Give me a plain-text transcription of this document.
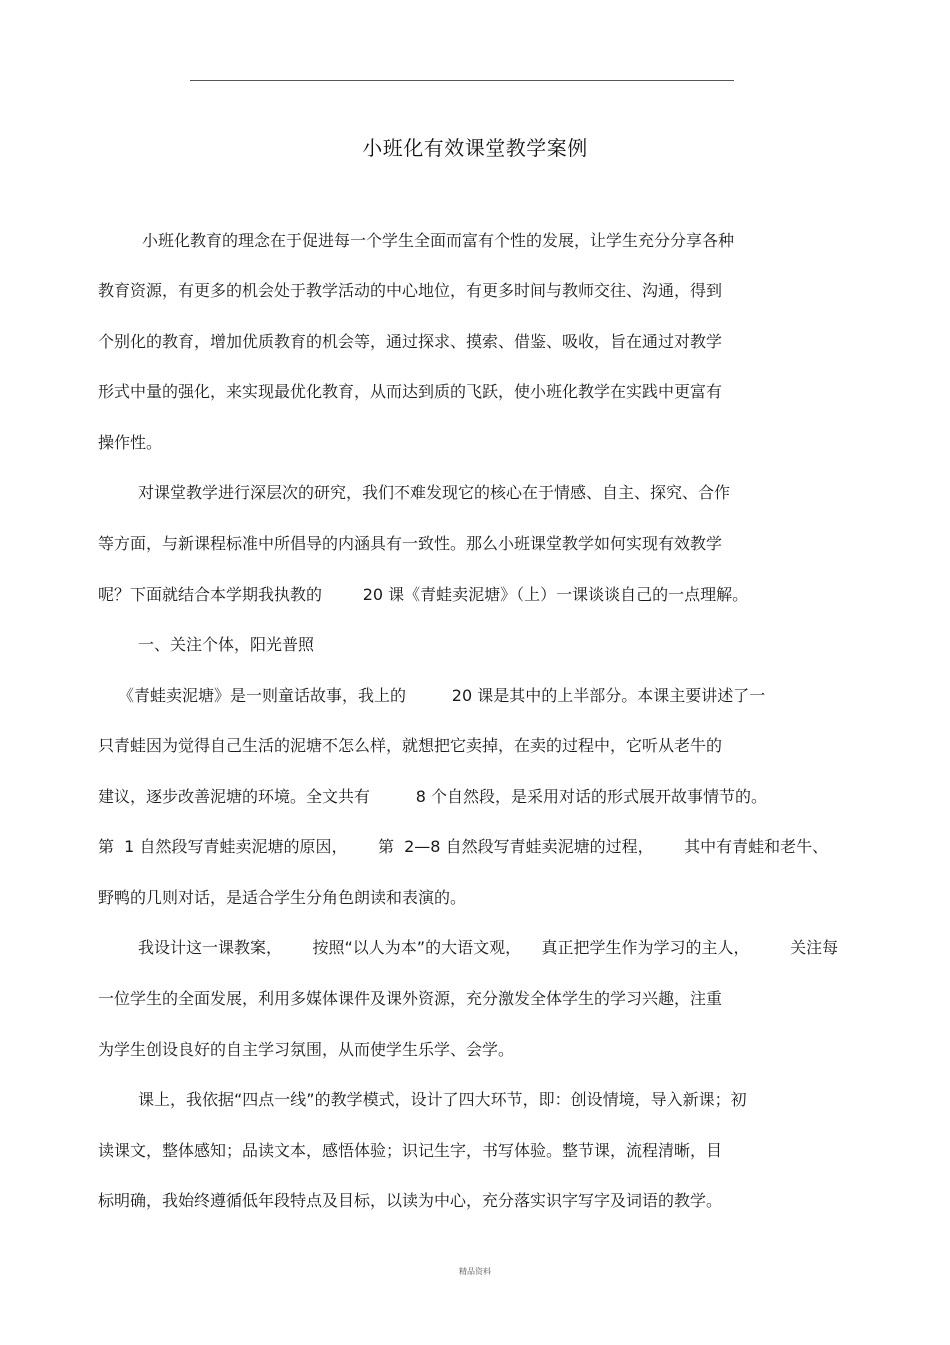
小班化有效课堂教学案例
小班化教育的理念在于促进每一个学生全面而富有个性的发展，让学生充分分享各种
教育资源，有更多的机会处于教学活动的中心地位，有更多时间与教师交往、沟通，得到
个别化的教育，增加优质教育的机会等，通过探求、摸索、借鉴、吸收，旨在通过对教学
形式中量的强化，来实现最优化教育，从而达到质的飞跃，使小班化教学在实践中更富有
操作性。
对课堂教学进行深层次的研究，我们不难发现它的核心在于情感、自主、探究、合作
等方面，与新课程标准中所倡导的内涵具有一致性。那么小班课堂教学如何实现有效教学
呢？下面就结合本学期我执教的        20 课《青蛙卖泥塘》（上）一课谈谈自己的一点理解。
一、关注个体，阳光普照
《青蛙卖泥塘》是一则童话故事，我上的         20 课是其中的上半部分。本课主要讲述了一
只青蛙因为觉得自己生活的泥塘不怎么样，就想把它卖掉，在卖的过程中，它听从老牛的
建议，逐步改善泥塘的环境。全文共有         8 个自然段，是采用对话的形式展开故事情节的。
第  1 自然段写青蛙卖泥塘的原因，      第  2—8 自然段写青蛙卖泥塘的过程，      其中有青蛙和老牛、
野鸭的几则对话，是适合学生分角色朗读和表演的。
我设计这一课教案，      按照“以人为本”的大语文观，    真正把学生作为学习的主人，        关注每
一位学生的全面发展，利用多媒体课件及课外资源，充分激发全体学生的学习兴趣，注重
为学生创设良好的自主学习氛围，从而使学生乐学、会学。
课上，我依据“四点一线”的教学模式，设计了四大环节，即：创设情境，导入新课；初
读课文，整体感知；品读文本，感悟体验；识记生字，书写体验。整节课，流程清晰，目
标明确，我始终遵循低年段特点及目标，以读为中心，充分落实识字写字及词语的教学。
精品资料
